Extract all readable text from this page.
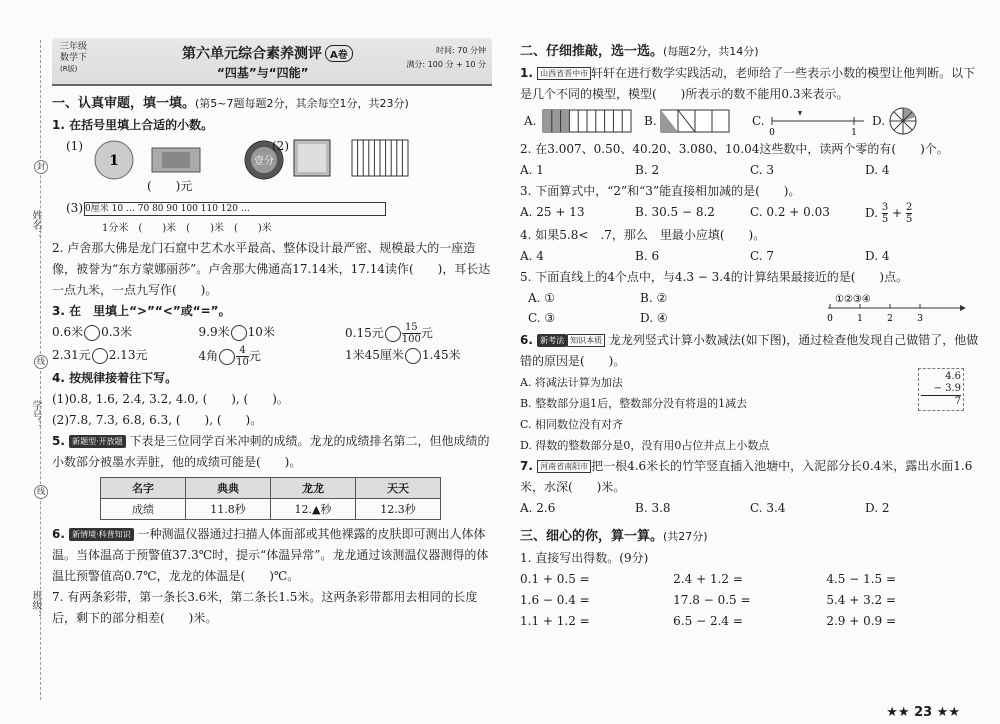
姓名：
学号：
班级：
封
线
线
三年级
数学下
(R版)
第六单元综合素养测评 A卷
“四基”与“四能”
时间: 70 分钟
满分: 100 分 + 10 分
一、认真审题，填一填。(第5~7题每题2分，其余每空1分，共23分)
1. 在括号里填上合适的小数。
(1)
1	壹分
(　　)元
(2)
(3) 0厘米 10 … 70 80 90 100 110 120 …
1分米　(　　)米　(　　)米　(　　)米
2. 卢舍那大佛是龙门石窟中艺术水平最高、整体设计最严密、规模最大的一座造像，被誉为“东方蒙娜丽莎”。卢舍那大佛通高17.14米，17.14读作(　　)，耳长达一点九米，一点九写作(　　)。
3. 在　里填上“>”“<”或“=”。
0.6米 0.3米	9.9米 10米	0.15元 $\frac{15}{100}$ 元
2.31元 2.13元	4角 $\frac{4}{10}$ 元	1米45厘米 1.45米
4. 按规律接着往下写。
(1)0.8, 1.6, 2.4, 3.2, 4.0, (　　), (　　)。
(2)7.8, 7.3, 6.8, 6.3, (　　), (　　)。
5. 新题型·开放题 下表是三位同学百米冲刺的成绩。龙龙的成绩排名第二，但他成绩的小数部分被墨水弄脏，他的成绩可能是(　　)。
名字	典典	龙龙	天天
成绩	11.8秒	12.▲秒	12.3秒
6. 新情境·科普知识 一种测温仪器通过扫描人体面部或其他裸露的皮肤即可测出人体体温。当体温高于预警值37.3℃时，提示“体温异常”。龙龙通过该测温仪器测得的体温比预警值高0.7℃，龙龙的体温是(　　)℃。
7. 有两条彩带，第一条长3.6米，第二条长1.5米。这两条彩带都用去相同的长度后，剩下的部分相差(　　)米。
二、仔细推敲，选一选。(每题2分，共14分)
1. 山西省晋中市 轩轩在进行数学实践活动，老师给了一些表示小数的模型让他判断。以下是几个不同的模型，模型(　　)所表示的数不能用0.3来表示。
A.	B.	C.
0	1
D.
2. 在3.007、0.50、40.20、3.080、10.04这些数中，读两个零的有(　　)个。
A. 1	B. 2	C. 3	D. 4
3. 下面算式中，“2”和“3”能直接相加减的是(　　)。
A. 25 + 13	B. 30.5 − 8.2	C. 0.2 + 0.03	D. $\frac{3}{5} + \frac{2}{5}$
4. 如果5.8<　.7，那么　里最小应填(　　)。
A. 4	B. 6	C. 7	D. 4
5. 下面直线上的4个点中，与4.3 − 3.4的计算结果最接近的是(　　)点。
A. ①	B. ②
C. ③	D. ④	0	1	2	3
①②③④
6. 新考法 知识本质 龙龙列竖式计算小数减法(如下图)，通过检查他发现自己做错了，他做错的原因是(　　)。
A. 将减法计算为加法
B. 整数部分退1后，整数部分没有将退的1减去
C. 相同数位没有对齐
D. 得数的整数部分是0，没有用0占位并点上小数点
4.6
− 3.9
7
7. 河南省南阳市 把一根4.6米长的竹竿竖直插入池塘中，入泥部分长0.4米，露出水面1.6米，水深(　　)米。
A. 2.6	B. 3.8	C. 3.4	D. 2
三、细心的你，算一算。(共27分)
1. 直接写出得数。(9分)
0.1 + 0.5 =	2.4 + 1.2 =	4.5 − 1.5 =
1.6 − 0.4 =	17.8 − 0.5 =	5.4 + 3.2 =
1.1 + 1.2 =	6.5 − 2.4 =	2.9 + 0.9 =
★★ 23 ★★
